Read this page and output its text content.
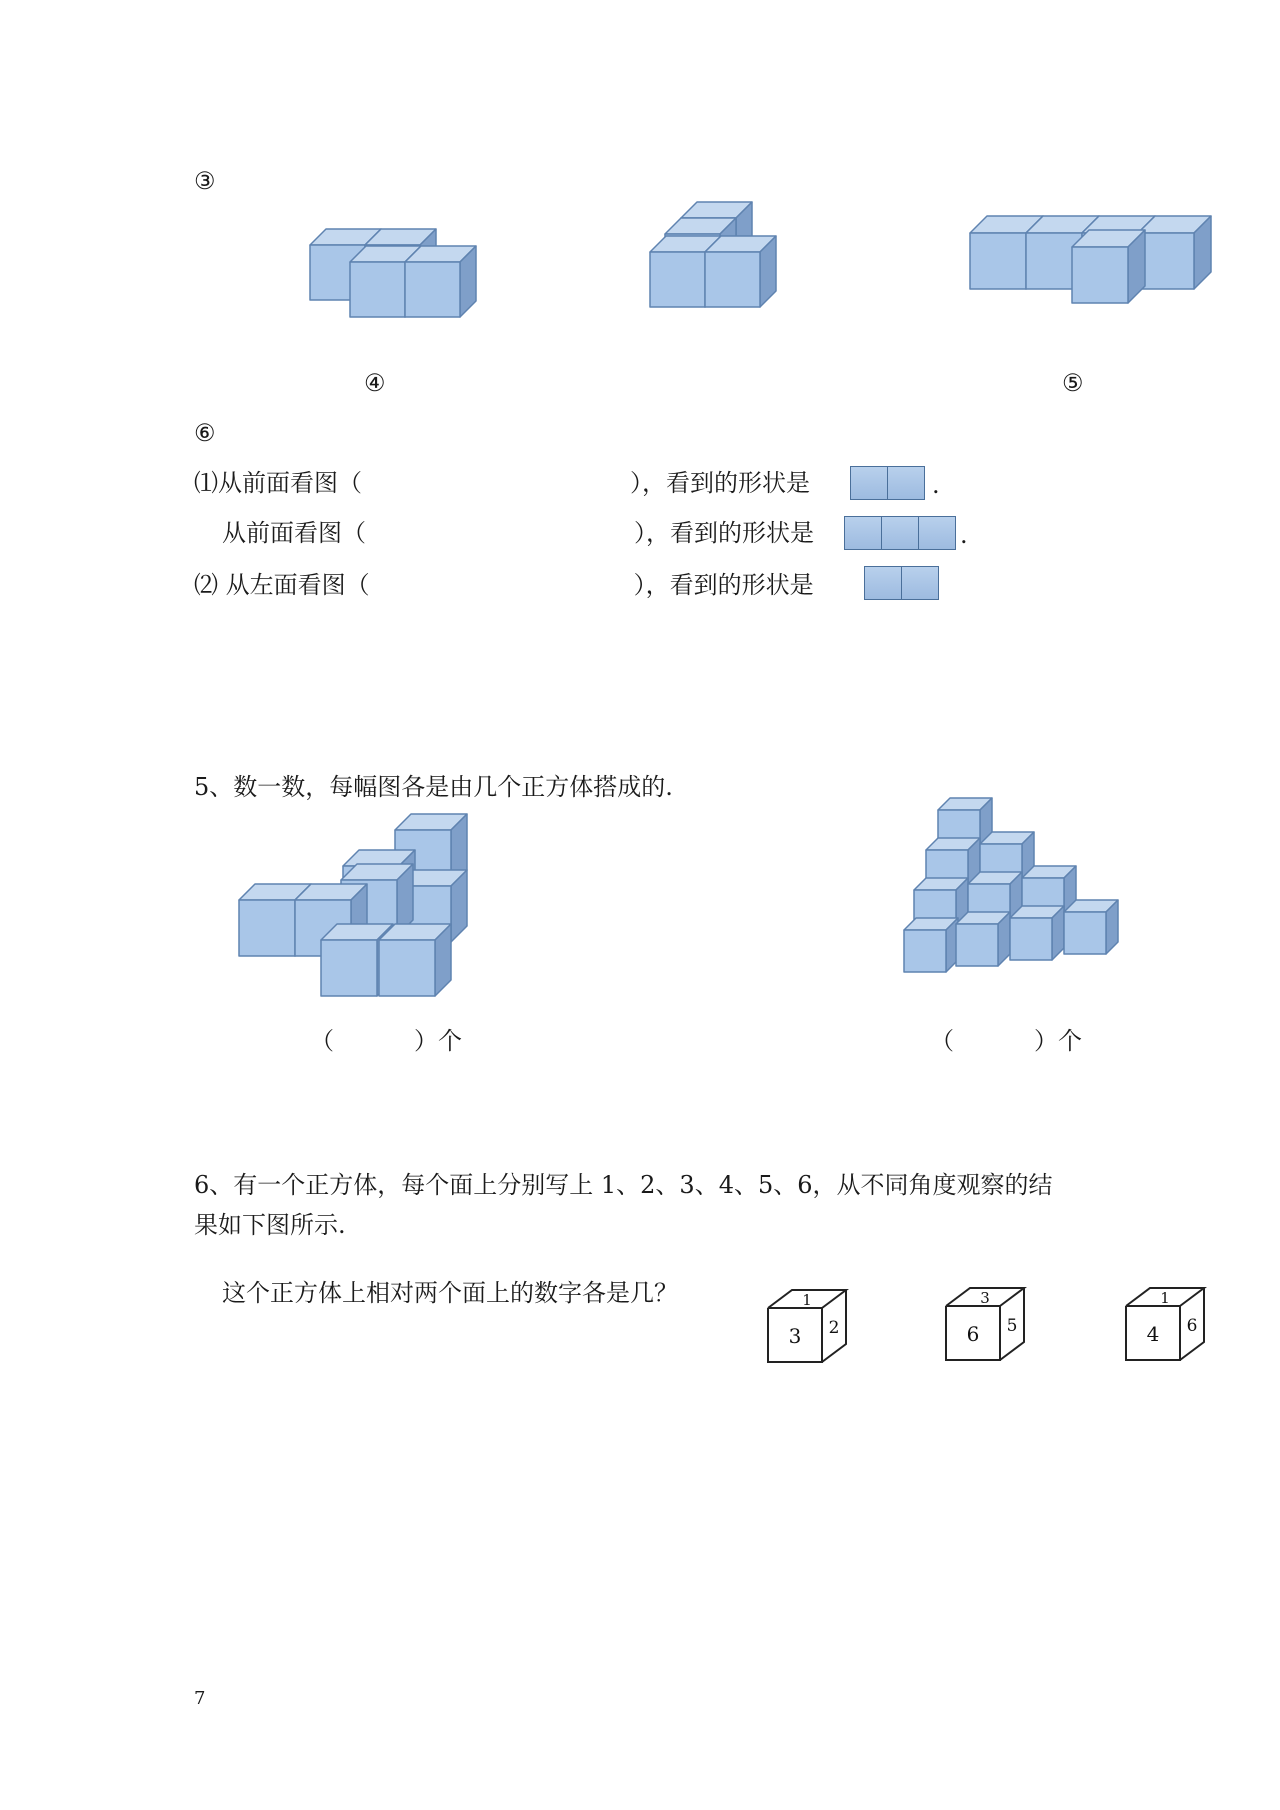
③
④	⑤
⑥
⑴从前面看图（	），看到的形状是	.
从前面看图（	），看到的形状是	.
⑵ 从左面看图（	），看到的形状是
5、数一数，每幅图各是由几个正方体搭成的.
（	）个	（	）个
6、有一个正方体，每个面上分别写上 1、2、3、4、5、6，从不同角度观察的结
果如下图所示.
这个正方体上相对两个面上的数字各是几？	1
3 2
3
6 5
1
4 6
7
